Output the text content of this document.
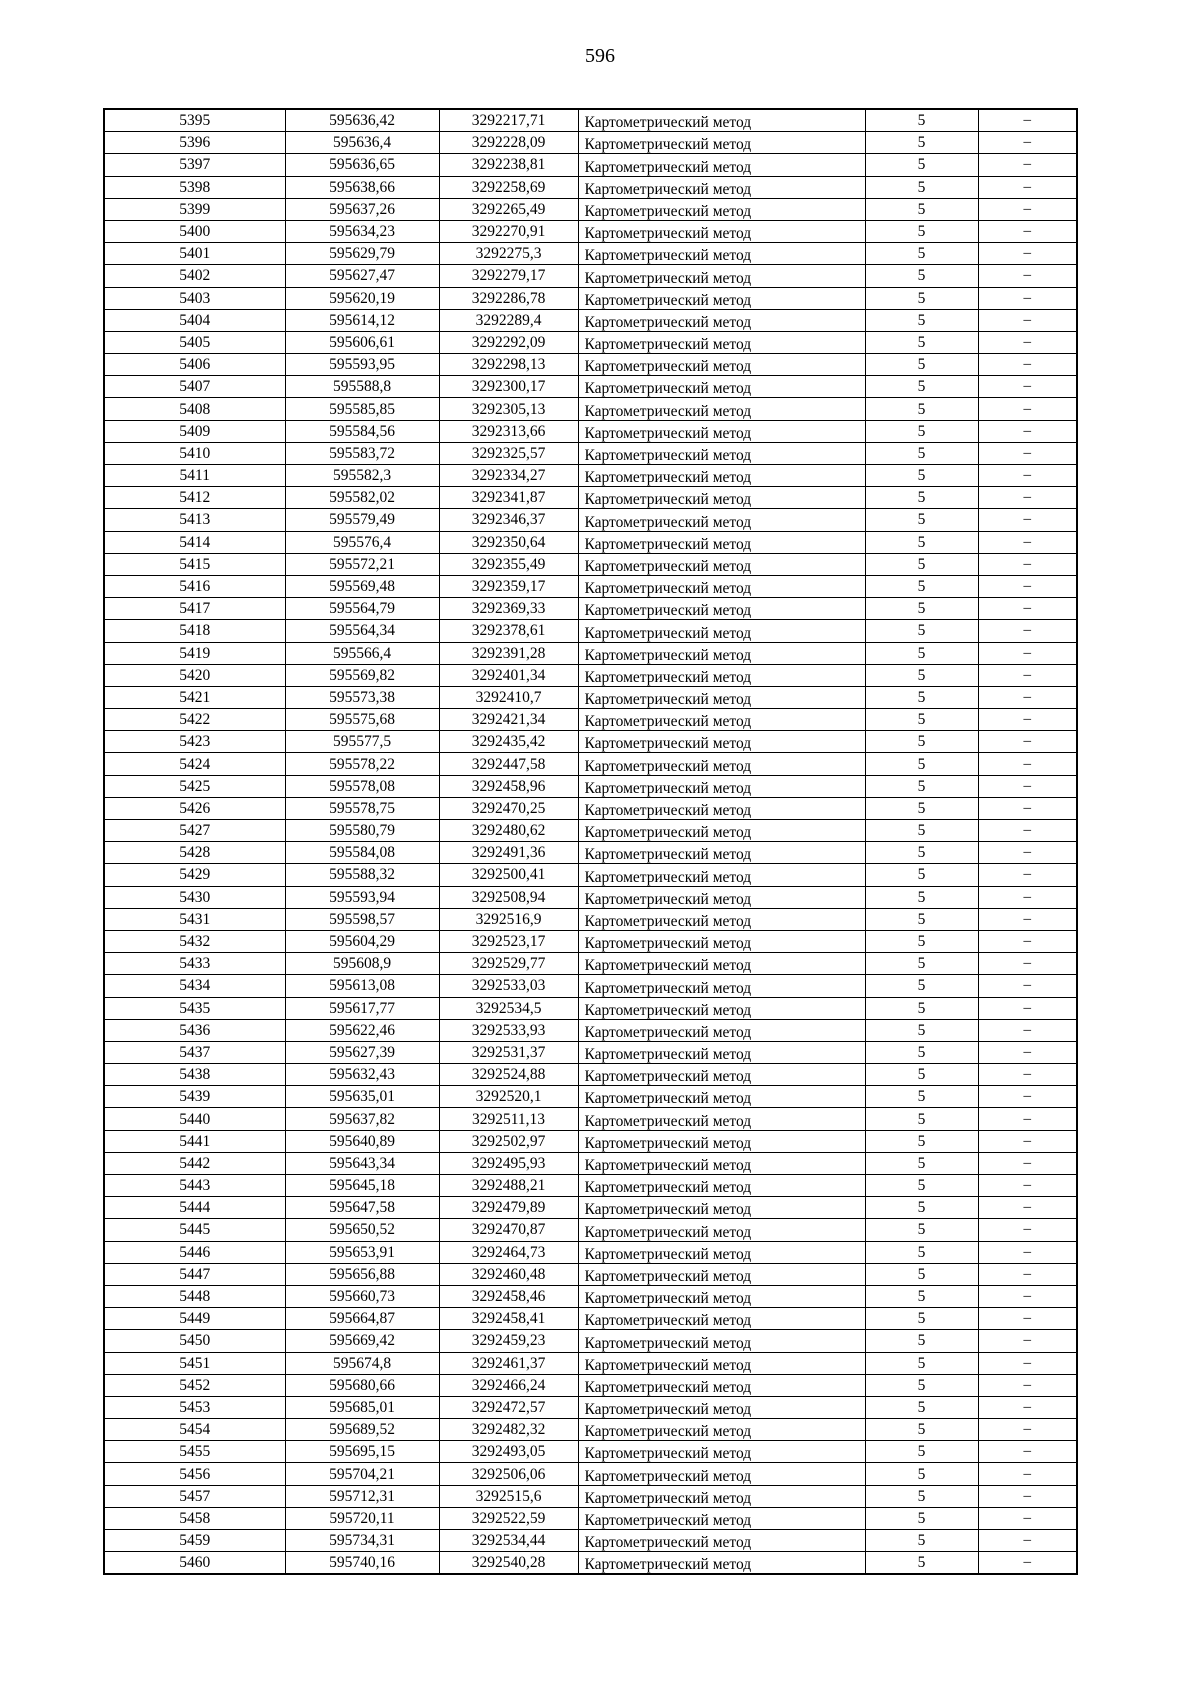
596
5395	595636,42	3292217,71	Картометрический метод	5	–
5396	595636,4	3292228,09	Картометрический метод	5	–
5397	595636,65	3292238,81	Картометрический метод	5	–
5398	595638,66	3292258,69	Картометрический метод	5	–
5399	595637,26	3292265,49	Картометрический метод	5	–
5400	595634,23	3292270,91	Картометрический метод	5	–
5401	595629,79	3292275,3	Картометрический метод	5	–
5402	595627,47	3292279,17	Картометрический метод	5	–
5403	595620,19	3292286,78	Картометрический метод	5	–
5404	595614,12	3292289,4	Картометрический метод	5	–
5405	595606,61	3292292,09	Картометрический метод	5	–
5406	595593,95	3292298,13	Картометрический метод	5	–
5407	595588,8	3292300,17	Картометрический метод	5	–
5408	595585,85	3292305,13	Картометрический метод	5	–
5409	595584,56	3292313,66	Картометрический метод	5	–
5410	595583,72	3292325,57	Картометрический метод	5	–
5411	595582,3	3292334,27	Картометрический метод	5	–
5412	595582,02	3292341,87	Картометрический метод	5	–
5413	595579,49	3292346,37	Картометрический метод	5	–
5414	595576,4	3292350,64	Картометрический метод	5	–
5415	595572,21	3292355,49	Картометрический метод	5	–
5416	595569,48	3292359,17	Картометрический метод	5	–
5417	595564,79	3292369,33	Картометрический метод	5	–
5418	595564,34	3292378,61	Картометрический метод	5	–
5419	595566,4	3292391,28	Картометрический метод	5	–
5420	595569,82	3292401,34	Картометрический метод	5	–
5421	595573,38	3292410,7	Картометрический метод	5	–
5422	595575,68	3292421,34	Картометрический метод	5	–
5423	595577,5	3292435,42	Картометрический метод	5	–
5424	595578,22	3292447,58	Картометрический метод	5	–
5425	595578,08	3292458,96	Картометрический метод	5	–
5426	595578,75	3292470,25	Картометрический метод	5	–
5427	595580,79	3292480,62	Картометрический метод	5	–
5428	595584,08	3292491,36	Картометрический метод	5	–
5429	595588,32	3292500,41	Картометрический метод	5	–
5430	595593,94	3292508,94	Картометрический метод	5	–
5431	595598,57	3292516,9	Картометрический метод	5	–
5432	595604,29	3292523,17	Картометрический метод	5	–
5433	595608,9	3292529,77	Картометрический метод	5	–
5434	595613,08	3292533,03	Картометрический метод	5	–
5435	595617,77	3292534,5	Картометрический метод	5	–
5436	595622,46	3292533,93	Картометрический метод	5	–
5437	595627,39	3292531,37	Картометрический метод	5	–
5438	595632,43	3292524,88	Картометрический метод	5	–
5439	595635,01	3292520,1	Картометрический метод	5	–
5440	595637,82	3292511,13	Картометрический метод	5	–
5441	595640,89	3292502,97	Картометрический метод	5	–
5442	595643,34	3292495,93	Картометрический метод	5	–
5443	595645,18	3292488,21	Картометрический метод	5	–
5444	595647,58	3292479,89	Картометрический метод	5	–
5445	595650,52	3292470,87	Картометрический метод	5	–
5446	595653,91	3292464,73	Картометрический метод	5	–
5447	595656,88	3292460,48	Картометрический метод	5	–
5448	595660,73	3292458,46	Картометрический метод	5	–
5449	595664,87	3292458,41	Картометрический метод	5	–
5450	595669,42	3292459,23	Картометрический метод	5	–
5451	595674,8	3292461,37	Картометрический метод	5	–
5452	595680,66	3292466,24	Картометрический метод	5	–
5453	595685,01	3292472,57	Картометрический метод	5	–
5454	595689,52	3292482,32	Картометрический метод	5	–
5455	595695,15	3292493,05	Картометрический метод	5	–
5456	595704,21	3292506,06	Картометрический метод	5	–
5457	595712,31	3292515,6	Картометрический метод	5	–
5458	595720,11	3292522,59	Картометрический метод	5	–
5459	595734,31	3292534,44	Картометрический метод	5	–
5460	595740,16	3292540,28	Картометрический метод	5	–
